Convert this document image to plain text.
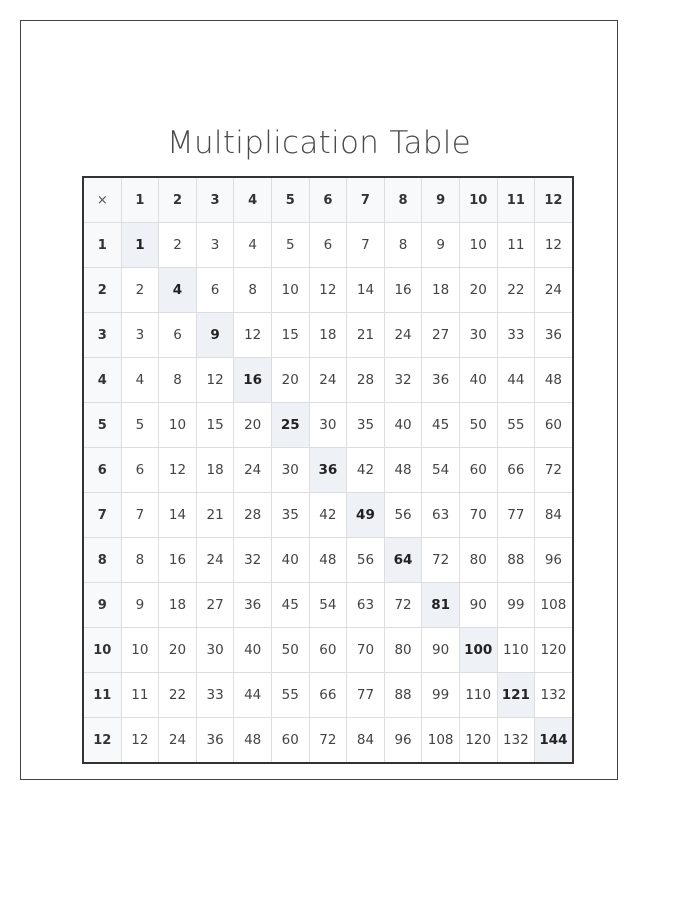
Multiplication Table
×	1	2	3	4	5	6	7	8	9	10	11	12
1	1	2	3	4	5	6	7	8	9	10	11	12
2	2	4	6	8	10	12	14	16	18	20	22	24
3	3	6	9	12	15	18	21	24	27	30	33	36
4	4	8	12	16	20	24	28	32	36	40	44	48
5	5	10	15	20	25	30	35	40	45	50	55	60
6	6	12	18	24	30	36	42	48	54	60	66	72
7	7	14	21	28	35	42	49	56	63	70	77	84
8	8	16	24	32	40	48	56	64	72	80	88	96
9	9	18	27	36	45	54	63	72	81	90	99	108
10	10	20	30	40	50	60	70	80	90	100	110	120
11	11	22	33	44	55	66	77	88	99	110	121	132
12	12	24	36	48	60	72	84	96	108	120	132	144
